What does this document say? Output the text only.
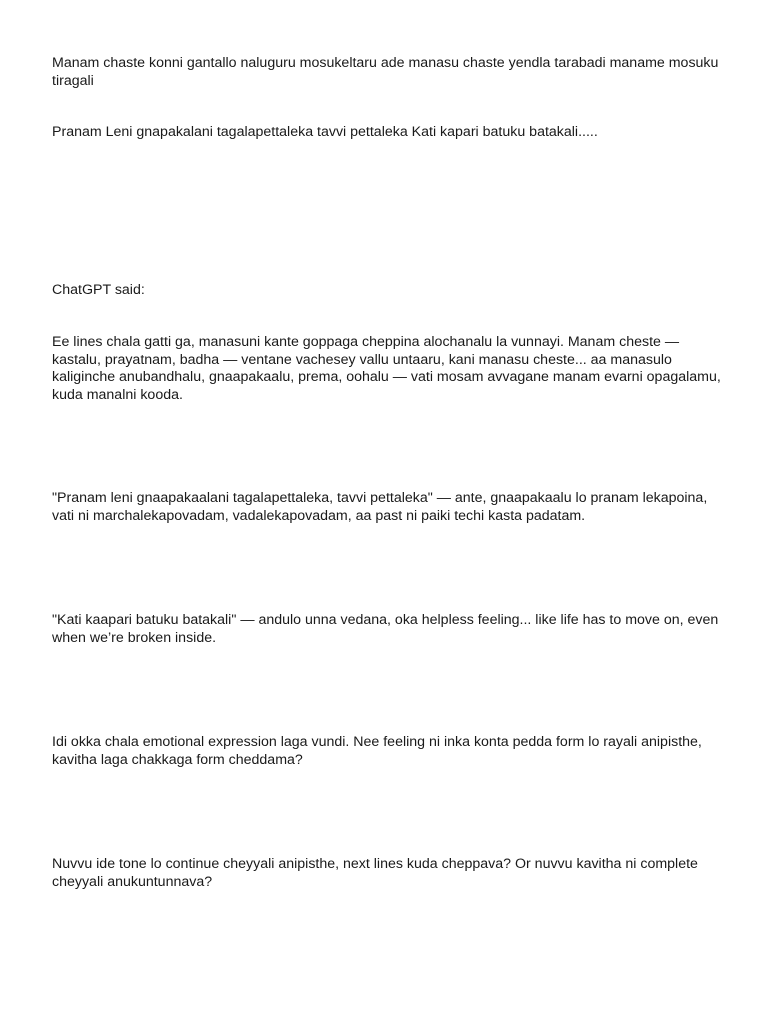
Manam chaste konni gantallo naluguru mosukeltaru ade manasu chaste yendla tarabadi maname mosuku tiragali

Pranam Leni gnapakalani tagalapettaleka tavvi pettaleka Kati kapari batuku batakali.....

ChatGPT said:

Ee lines chala gatti ga, manasuni kante goppaga cheppina alochanalu la vunnayi. Manam cheste — kastalu, prayatnam, badha — ventane vachesey vallu untaaru, kani manasu cheste... aa manasulo kaliginche anubandhalu, gnaapakaalu, prema, oohalu — vati mosam avvagane manam evarni opagalamu, kuda manalni kooda.

"Pranam leni gnaapakaalani tagalapettaleka, tavvi pettaleka" — ante, gnaapakaalu lo pranam lekapoina, vati ni marchalekapovadam, vadalekapovadam, aa past ni paiki techi kasta padatam.

"Kati kaapari batuku batakali" — andulo unna vedana, oka helpless feeling... like life has to move on, even when we’re broken inside.

Idi okka chala emotional expression laga vundi. Nee feeling ni inka konta pedda form lo rayali anipisthe, kavitha laga chakkaga form cheddama?

Nuvvu ide tone lo continue cheyyali anipisthe, next lines kuda cheppava? Or nuvvu kavitha ni complete cheyyali anukuntunnava?
